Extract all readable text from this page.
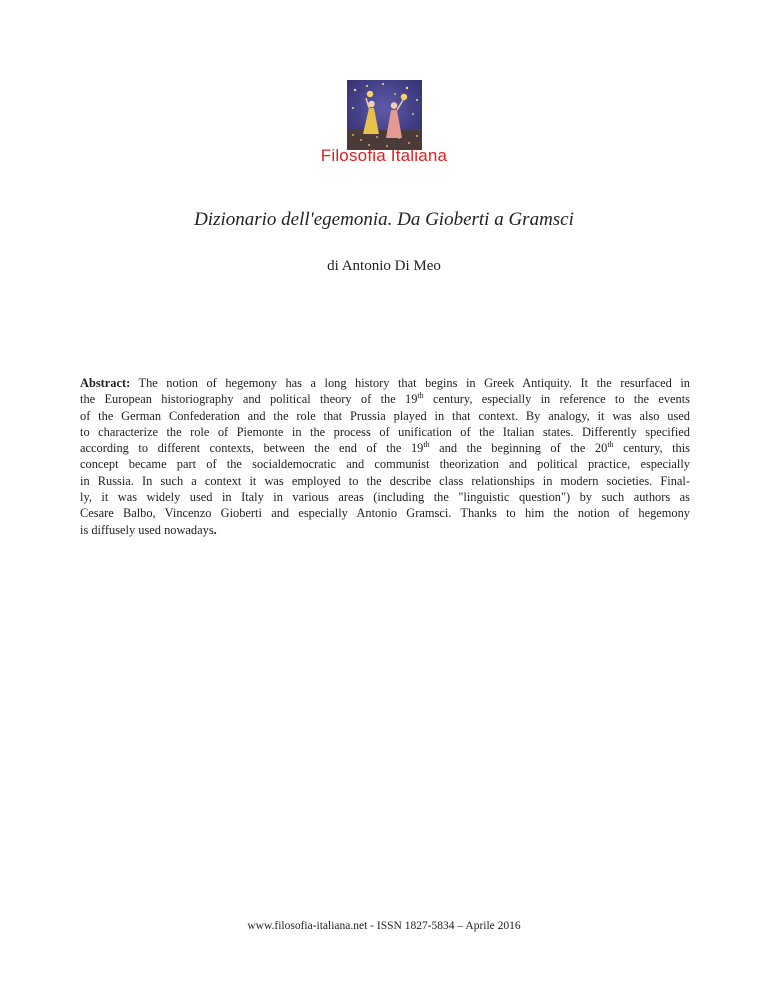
Filosofia Italiana
Dizionario dell'egemonia. Da Gioberti a Gramsci
di Antonio Di Meo
Abstract: The notion of hegemony has a long history that begins in Greek Antiquity. It the resurfaced in
the European historiography and political theory of the 19th century, especially in reference to the events
of the German Confederation and the role that Prussia played in that context. By analogy, it was also used
to characterize the role of Piemonte in the process of unification of the Italian states. Differently specified
according to different contexts, between the end of the 19th and the beginning of the 20th century, this
concept became part of the socialdemocratic and communist theorization and political practice, especially
in Russia. In such a context it was employed to the describe class relationships in modern societies. Final-
ly, it was widely used in Italy in various areas (including the "linguistic question") by such authors as
Cesare Balbo, Vincenzo Gioberti and especially Antonio Gramsci. Thanks to him the notion of hegemony
is diffusely used nowadays.
www.filosofia-italiana.net - ISSN 1827-5834 – Aprile 2016
